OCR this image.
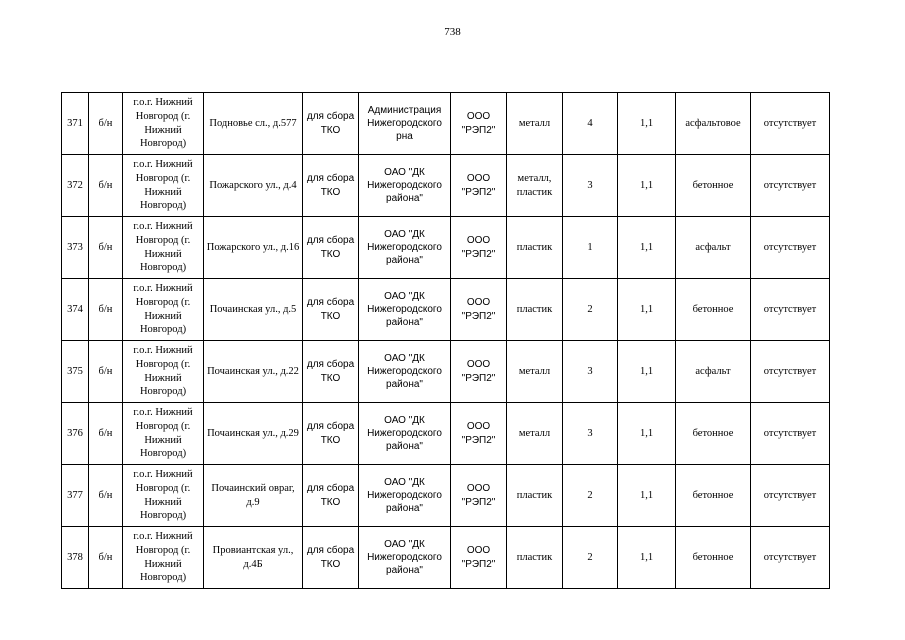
738
371	б/н	г.о.г. Нижний Новгород (г. Нижний Новгород)	Подновье сл., д.577	для сбора ТКО	Администрация Нижегородского рна	ООО "РЭП2"	металл	4	1,1	асфальтовое	отсутствует
372	б/н	г.о.г. Нижний Новгород (г. Нижний Новгород)	Пожарского ул., д.4	для сбора ТКО	ОАО "ДК Нижегородского района"	ООО "РЭП2"	металл, пластик	3	1,1	бетонное	отсутствует
373	б/н	г.о.г. Нижний Новгород (г. Нижний Новгород)	Пожарского ул., д.16	для сбора ТКО	ОАО "ДК Нижегородского района"	ООО "РЭП2"	пластик	1	1,1	асфальт	отсутствует
374	б/н	г.о.г. Нижний Новгород (г. Нижний Новгород)	Почаинская ул., д.5	для сбора ТКО	ОАО "ДК Нижегородского района"	ООО "РЭП2"	пластик	2	1,1	бетонное	отсутствует
375	б/н	г.о.г. Нижний Новгород (г. Нижний Новгород)	Почаинская ул., д.22	для сбора ТКО	ОАО "ДК Нижегородского района"	ООО "РЭП2"	металл	3	1,1	асфальт	отсутствует
376	б/н	г.о.г. Нижний Новгород (г. Нижний Новгород)	Почаинская ул., д.29	для сбора ТКО	ОАО "ДК Нижегородского района"	ООО "РЭП2"	металл	3	1,1	бетонное	отсутствует
377	б/н	г.о.г. Нижний Новгород (г. Нижний Новгород)	Почаинский овраг, д.9	для сбора ТКО	ОАО "ДК Нижегородского района"	ООО "РЭП2"	пластик	2	1,1	бетонное	отсутствует
378	б/н	г.о.г. Нижний Новгород (г. Нижний Новгород)	Провиантская ул., д.4Б	для сбора ТКО	ОАО "ДК Нижегородского района"	ООО "РЭП2"	пластик	2	1,1	бетонное	отсутствует
